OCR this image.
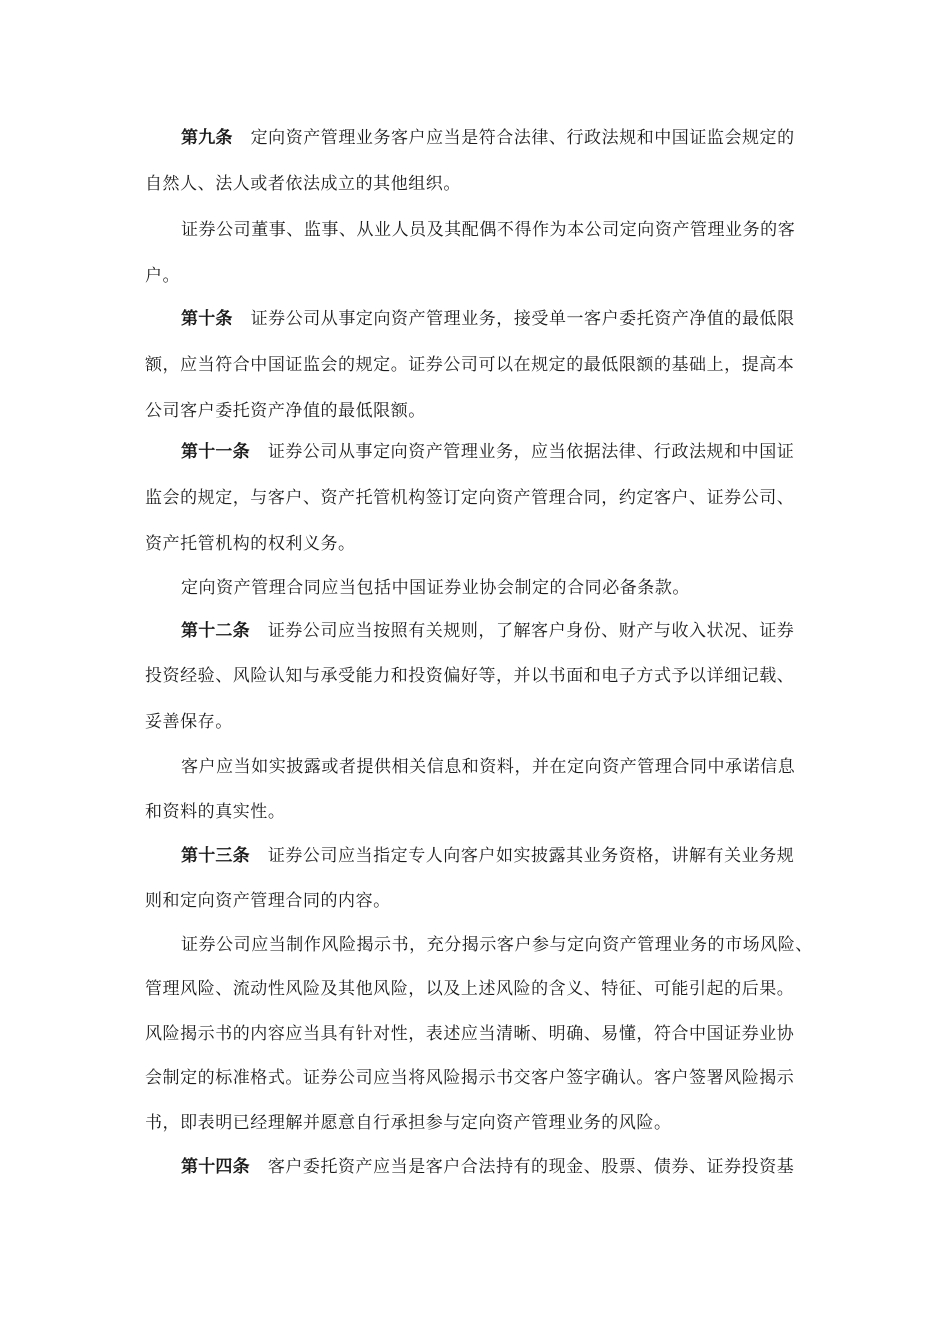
第九条 定向资产管理业务客户应当是符合法律、行政法规和中国证监会规定的
自然人、法人或者依法成立的其他组织。
证券公司董事、监事、从业人员及其配偶不得作为本公司定向资产管理业务的客
户。
第十条 证券公司从事定向资产管理业务，接受单一客户委托资产净值的最低限
额，应当符合中国证监会的规定。证券公司可以在规定的最低限额的基础上，提高本
公司客户委托资产净值的最低限额。
第十一条 证券公司从事定向资产管理业务，应当依据法律、行政法规和中国证
监会的规定，与客户、资产托管机构签订定向资产管理合同，约定客户、证券公司、
资产托管机构的权利义务。
定向资产管理合同应当包括中国证券业协会制定的合同必备条款。
第十二条 证券公司应当按照有关规则，了解客户身份、财产与收入状况、证券
投资经验、风险认知与承受能力和投资偏好等，并以书面和电子方式予以详细记载、
妥善保存。
客户应当如实披露或者提供相关信息和资料，并在定向资产管理合同中承诺信息
和资料的真实性。
第十三条 证券公司应当指定专人向客户如实披露其业务资格，讲解有关业务规
则和定向资产管理合同的内容。
证券公司应当制作风险揭示书，充分揭示客户参与定向资产管理业务的市场风险、
管理风险、流动性风险及其他风险，以及上述风险的含义、特征、可能引起的后果。
风险揭示书的内容应当具有针对性，表述应当清晰、明确、易懂，符合中国证券业协
会制定的标准格式。证券公司应当将风险揭示书交客户签字确认。客户签署风险揭示
书，即表明已经理解并愿意自行承担参与定向资产管理业务的风险。
第十四条 客户委托资产应当是客户合法持有的现金、股票、债券、证券投资基
